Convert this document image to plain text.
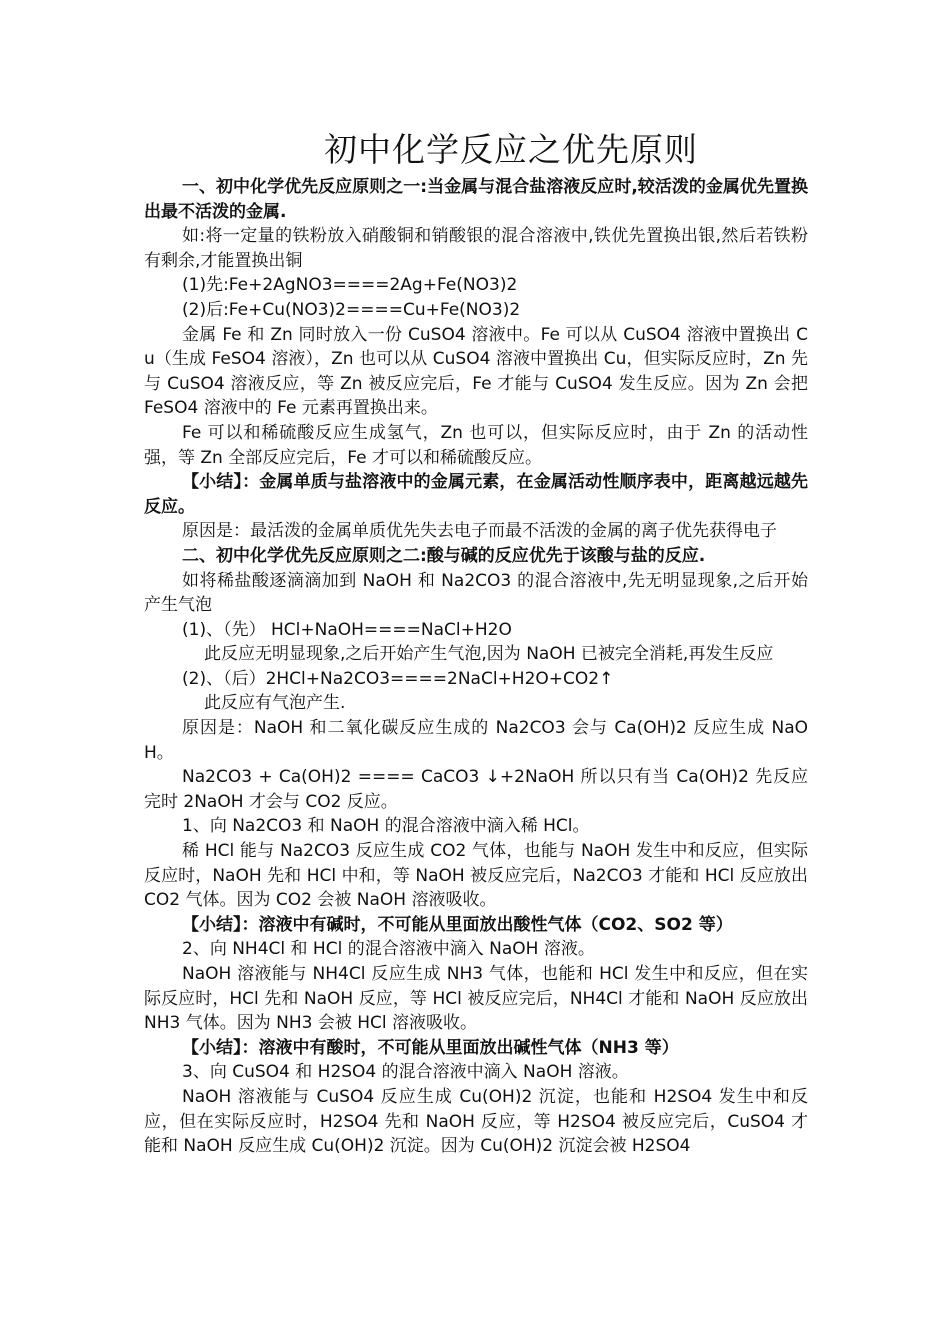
初中化学反应之优先原则

一、初中化学优先反应原则之一:当金属与混合盐溶液反应时,较活泼的金属优先置换出最不活泼的金属.

如:将一定量的铁粉放入硝酸铜和销酸银的混合溶液中,铁优先置换出银,然后若铁粉有剩余,才能置换出铜

(1)先:Fe+2AgNO3====2Ag+Fe(NO3)2

(2)后:Fe+Cu(NO3)2====Cu+Fe(NO3)2

金属 Fe 和 Zn 同时放入一份 CuSO4 溶液中。Fe 可以从 CuSO4 溶液中置换出 Cu（生成 FeSO4 溶液），Zn 也可以从 CuSO4 溶液中置换出 Cu，但实际反应时，Zn 先与 CuSO4 溶液反应，等 Zn 被反应完后，Fe 才能与 CuSO4 发生反应。因为 Zn 会把 FeSO4 溶液中的 Fe 元素再置换出来。

Fe 可以和稀硫酸反应生成氢气，Zn 也可以，但实际反应时，由于 Zn 的活动性强，等 Zn 全部反应完后，Fe 才可以和稀硫酸反应。

【小结】：金属单质与盐溶液中的金属元素，在金属活动性顺序表中，距离越远越先反应。

原因是：最活泼的金属单质优先失去电子而最不活泼的金属的离子优先获得电子

二、初中化学优先反应原则之二:酸与碱的反应优先于该酸与盐的反应.

如将稀盐酸逐滴滴加到 NaOH 和 Na2CO3 的混合溶液中,先无明显现象,之后开始产生气泡

(1)、（先） HCl+NaOH====NaCl+H2O

此反应无明显现象,之后开始产生气泡,因为 NaOH 已被完全消耗,再发生反应

(2)、（后）2HCl+Na2CO3====2NaCl+H2O+CO2↑

此反应有气泡产生.

原因是：NaOH 和二氧化碳反应生成的 Na2CO3 会与 Ca(OH)2 反应生成 NaOH。

Na2CO3 + Ca(OH)2 ==== CaCO3 ↓+2NaOH 所以只有当 Ca(OH)2 先反应完时 2NaOH 才会与 CO2 反应。

1、向 Na2CO3 和 NaOH 的混合溶液中滴入稀 HCl。

稀 HCl 能与 Na2CO3 反应生成 CO2 气体，也能与 NaOH 发生中和反应，但实际反应时，NaOH 先和 HCl 中和，等 NaOH 被反应完后，Na2CO3 才能和 HCl 反应放出 CO2 气体。因为 CO2 会被 NaOH 溶液吸收。

【小结】：溶液中有碱时，不可能从里面放出酸性气体（CO2、SO2 等）

2、向 NH4Cl 和 HCl 的混合溶液中滴入 NaOH 溶液。

NaOH 溶液能与 NH4Cl 反应生成 NH3 气体，也能和 HCl 发生中和反应，但在实际反应时，HCl 先和 NaOH 反应，等 HCl 被反应完后，NH4Cl 才能和 NaOH 反应放出 NH3 气体。因为 NH3 会被 HCl 溶液吸收。

【小结】：溶液中有酸时，不可能从里面放出碱性气体（NH3 等）

3、向 CuSO4 和 H2SO4 的混合溶液中滴入 NaOH 溶液。

NaOH 溶液能与 CuSO4 反应生成 Cu(OH)2 沉淀，也能和 H2SO4 发生中和反应，但在实际反应时，H2SO4 先和 NaOH 反应，等 H2SO4 被反应完后，CuSO4 才能和 NaOH 反应生成 Cu(OH)2 沉淀。因为 Cu(OH)2 沉淀会被 H2SO4
